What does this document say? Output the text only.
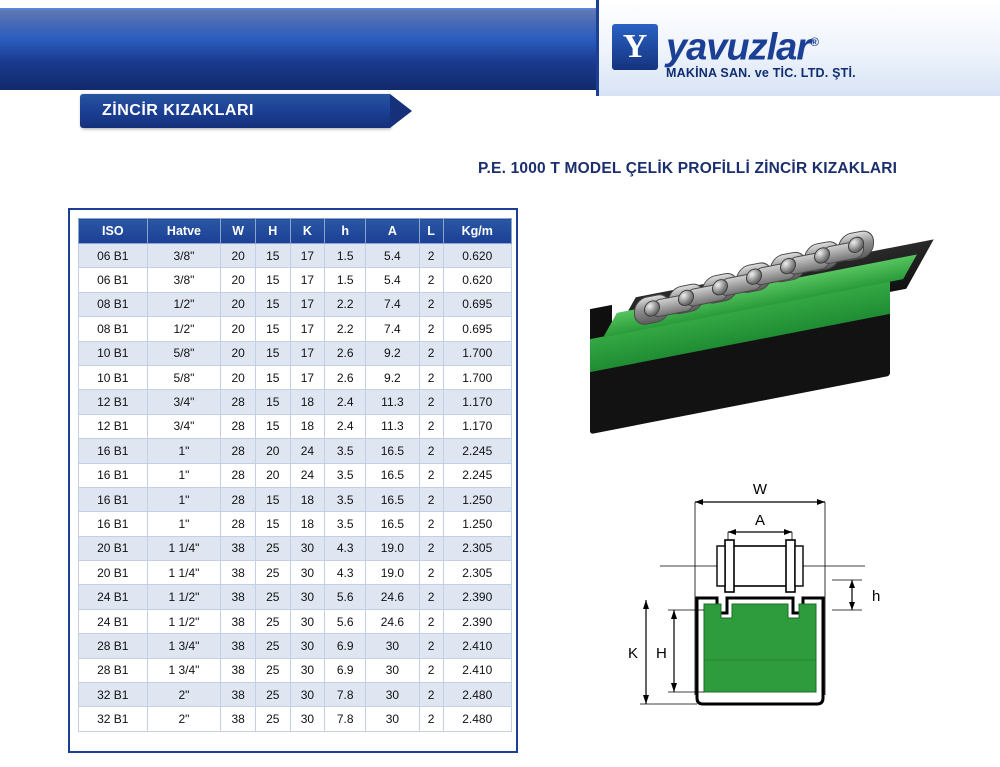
Y
yavuzlar®
MAKİNA SAN. ve TİC. LTD. ŞTİ.
ZİNCİR KIZAKLARI
P.E. 1000 T MODEL ÇELİK PROFİLLİ ZİNCİR KIZAKLARI
ISO	Hatve	W	H	K	h	A	L	Kg/m
06 B1	3/8"	20	15	17	1.5	5.4	2	0.620
06 B1	3/8"	20	15	17	1.5	5.4	2	0.620
08 B1	1/2"	20	15	17	2.2	7.4	2	0.695
08 B1	1/2"	20	15	17	2.2	7.4	2	0.695
10 B1	5/8"	20	15	17	2.6	9.2	2	1.700
10 B1	5/8"	20	15	17	2.6	9.2	2	1.700
12 B1	3/4"	28	15	18	2.4	11.3	2	1.170
12 B1	3/4"	28	15	18	2.4	11.3	2	1.170
16 B1	1"	28	20	24	3.5	16.5	2	2.245
16 B1	1"	28	20	24	3.5	16.5	2	2.245
16 B1	1"	28	15	18	3.5	16.5	2	1.250
16 B1	1"	28	15	18	3.5	16.5	2	1.250
20 B1	1 1/4"	38	25	30	4.3	19.0	2	2.305
20 B1	1 1/4"	38	25	30	4.3	19.0	2	2.305
24 B1	1 1/2"	38	25	30	5.6	24.6	2	2.390
24 B1	1 1/2"	38	25	30	5.6	24.6	2	2.390
28 B1	1 3/4"	38	25	30	6.9	30	2	2.410
28 B1	1 3/4"	38	25	30	6.9	30	2	2.410
32 B1	2"	38	25	30	7.8	30	2	2.480
32 B1	2"	38	25	30	7.8	30	2	2.480
W
A
h
K H
